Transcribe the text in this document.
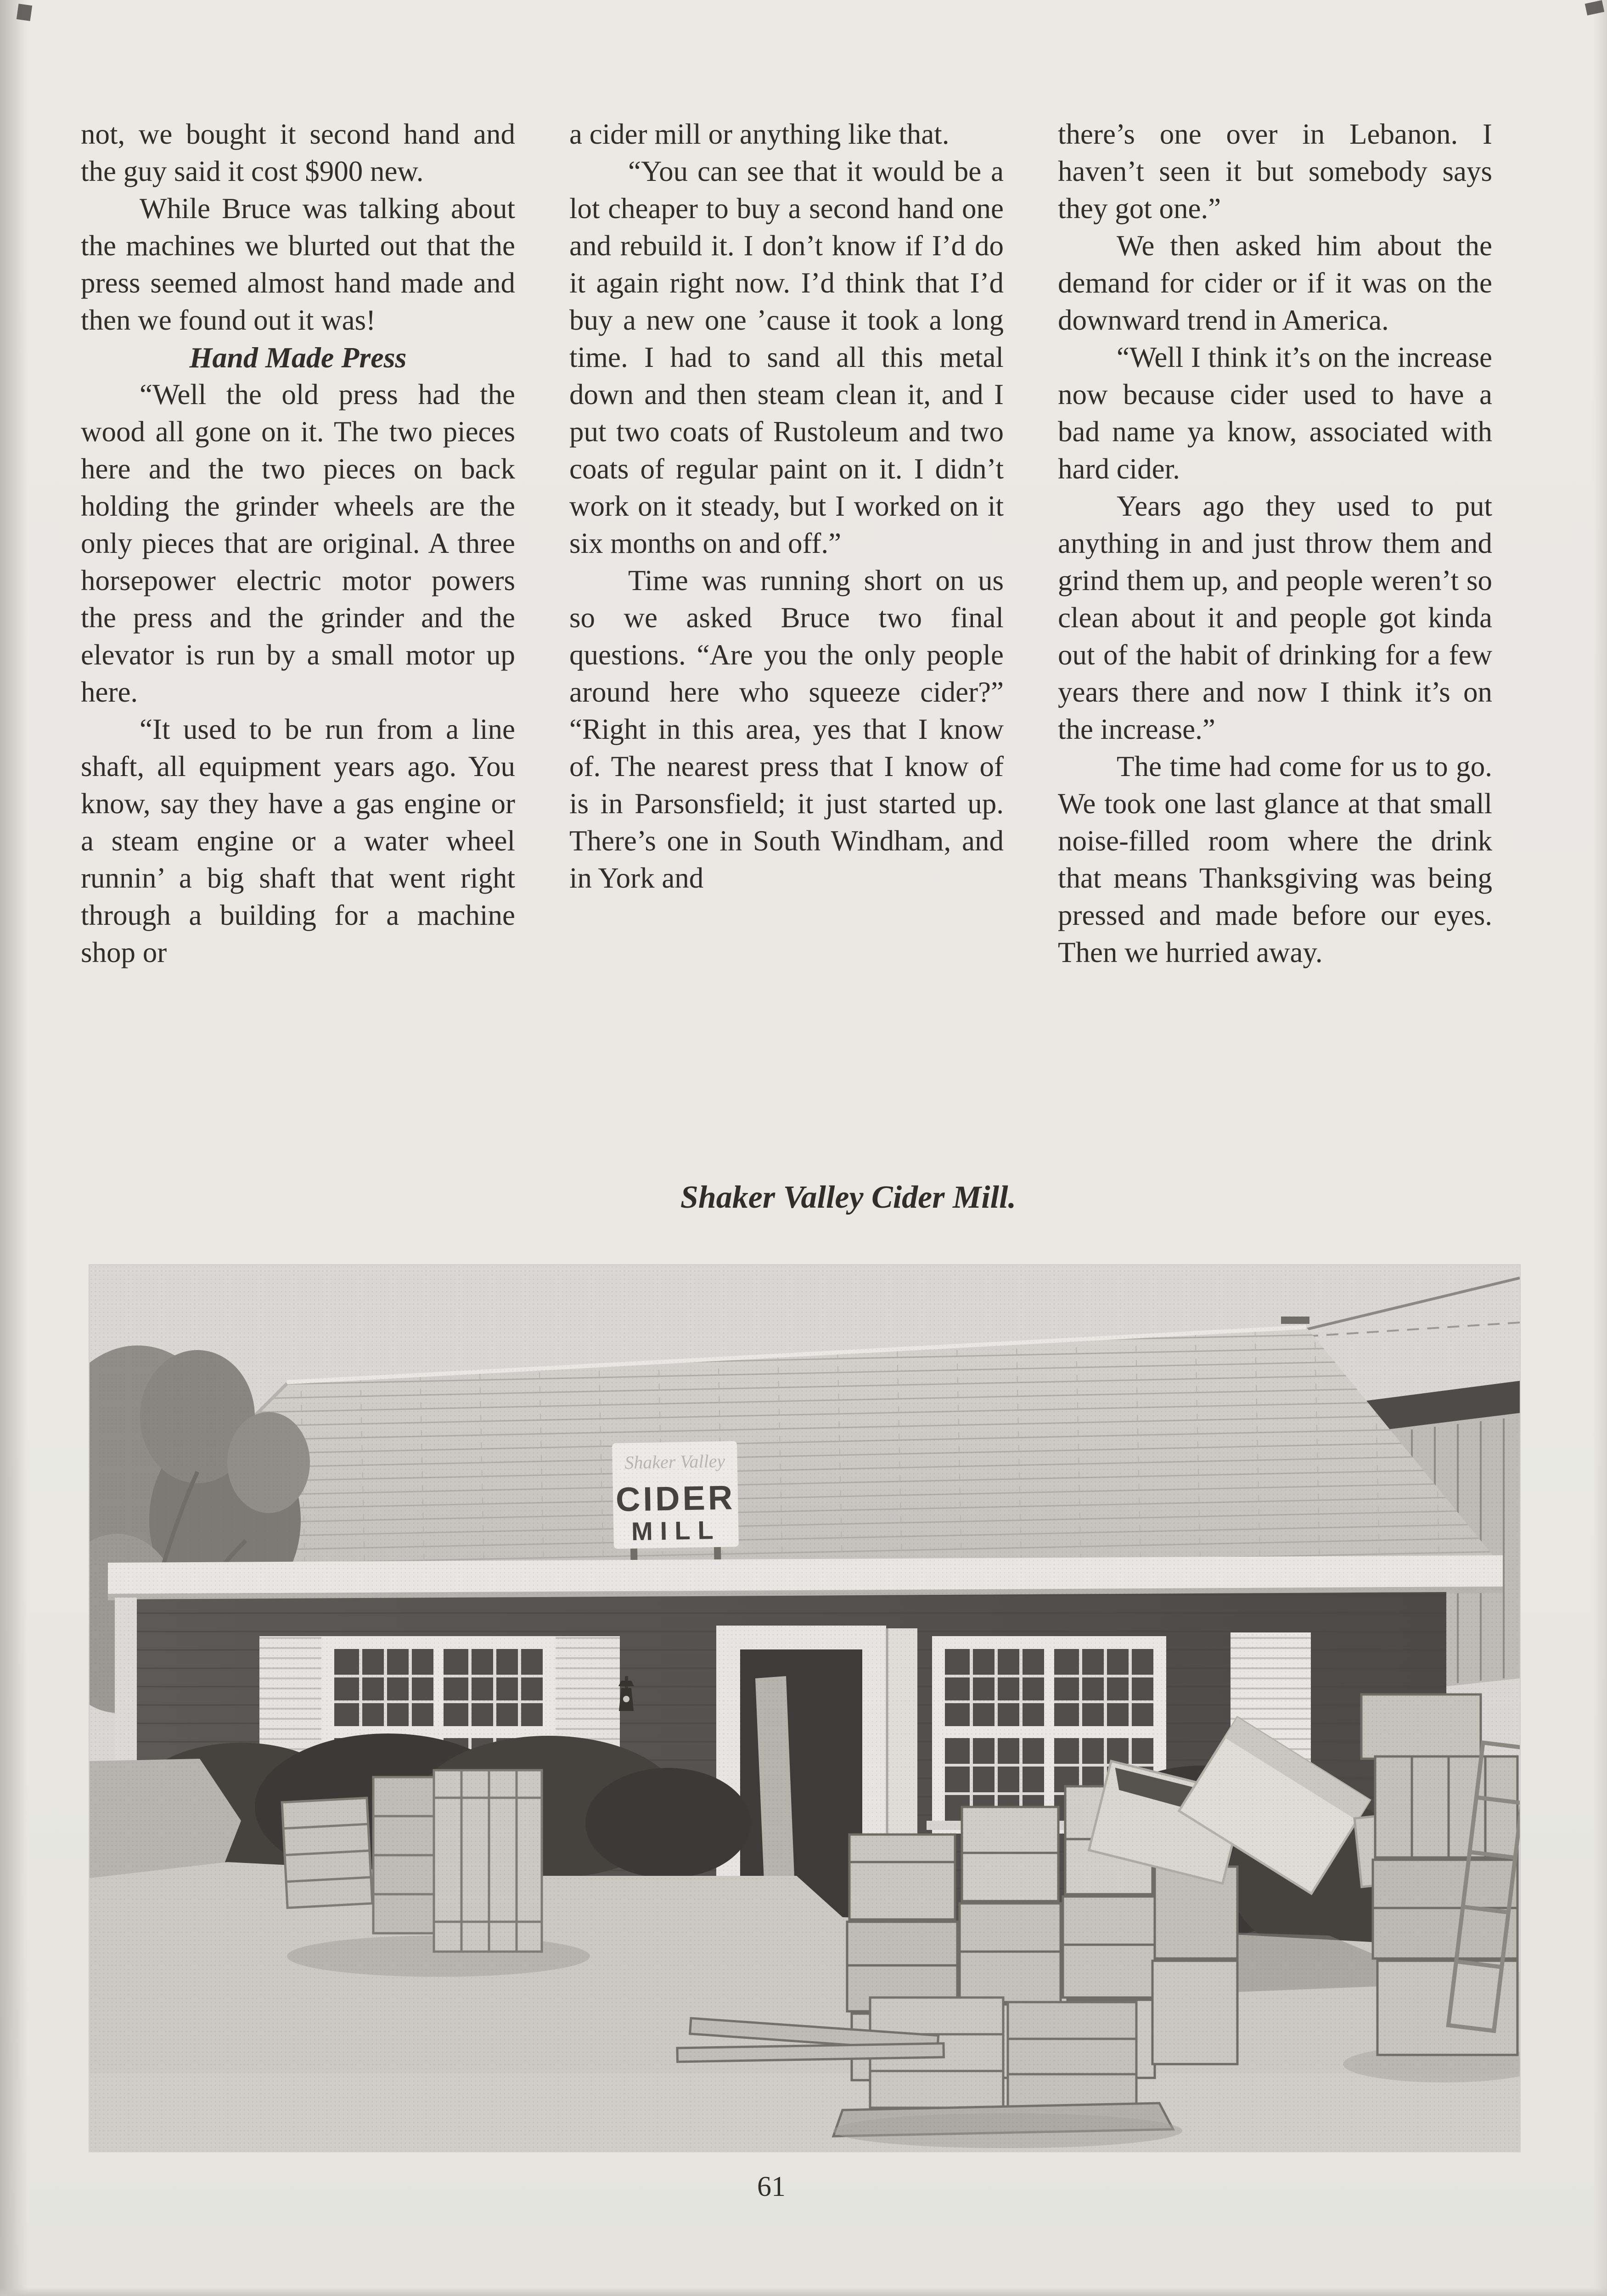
not, we bought it second hand and the guy said it cost $900 new.

While Bruce was talking about the machines we blurted out that the press seemed almost hand made and then we found out it was!

Hand Made Press

“Well the old press had the wood all gone on it. The two pieces here and the two pieces on back holding the grinder wheels are the only pieces that are original. A three horsepower electric motor powers the press and the grinder and the elevator is run by a small motor up here.

“It used to be run from a line shaft, all equipment years ago. You know, say they have a gas engine or a steam engine or a water wheel runnin’ a big shaft that went right through a building for a machine shop or

a cider mill or anything like that.

“You can see that it would be a lot cheaper to buy a second hand one and rebuild it. I don’t know if I’d do it again right now. I’d think that I’d buy a new one ’cause it took a long time. I had to sand all this metal down and then steam clean it, and I put two coats of Rustoleum and two coats of regular paint on it. I didn’t work on it steady, but I worked on it six months on and off.”

Time was running short on us so we asked Bruce two final questions. “Are you the only people around here who squeeze cider?” “Right in this area, yes that I know of. The nearest press that I know of is in Parsonsfield; it just started up. There’s one in South Windham, and in York and

there’s one over in Lebanon. I haven’t seen it but somebody says they got one.”

We then asked him about the demand for cider or if it was on the downward trend in America.

“Well I think it’s on the increase now because cider used to have a bad name ya know, associated with hard cider.

Years ago they used to put anything in and just throw them and grind them up, and people weren’t so clean about it and people got kinda out of the habit of drinking for a few years there and now I think it’s on the increase.”

The time had come for us to go. We took one last glance at that small noise-filled room where the drink that means Thanksgiving was being pressed and made before our eyes. Then we hurried away.

Shaker Valley Cider Mill.
61
